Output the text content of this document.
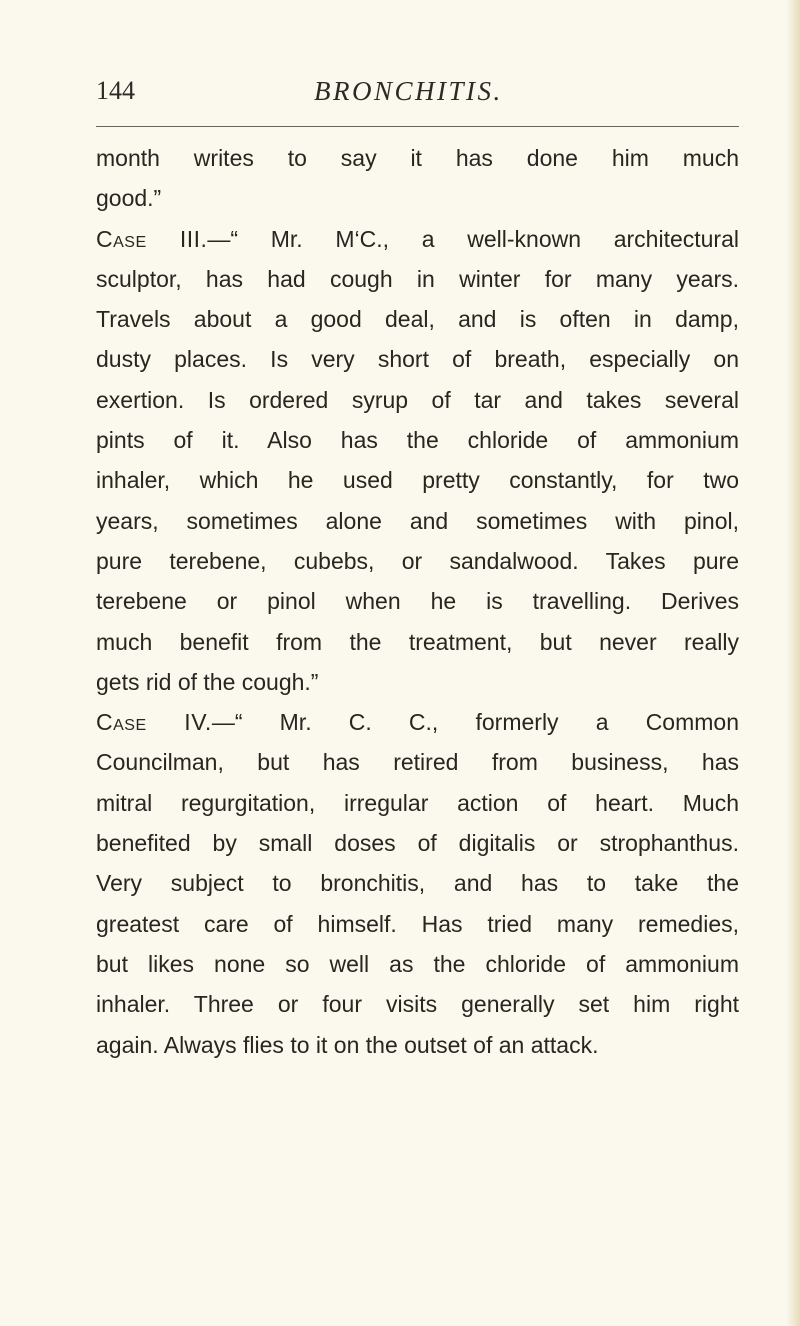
144	BRONCHITIS.
month writes to say it has done him much
good.”
Case III.—“ Mr. M‘C., a well-known architectural
sculptor, has had cough in winter for many years.
Travels about a good deal, and is often in damp,
dusty places. Is very short of breath, especially on
exertion. Is ordered syrup of tar and takes several
pints of it. Also has the chloride of ammonium
inhaler, which he used pretty constantly, for two
years, sometimes alone and sometimes with pinol,
pure terebene, cubebs, or sandalwood. Takes pure
terebene or pinol when he is travelling. Derives
much benefit from the treatment, but never really
gets rid of the cough.”
Case IV.—“ Mr. C. C., formerly a Common
Councilman, but has retired from business, has
mitral regurgitation, irregular action of heart. Much
benefited by small doses of digitalis or strophanthus.
Very subject to bronchitis, and has to take the
greatest care of himself. Has tried many remedies,
but likes none so well as the chloride of ammonium
inhaler. Three or four visits generally set him right
again. Always flies to it on the outset of an attack.
